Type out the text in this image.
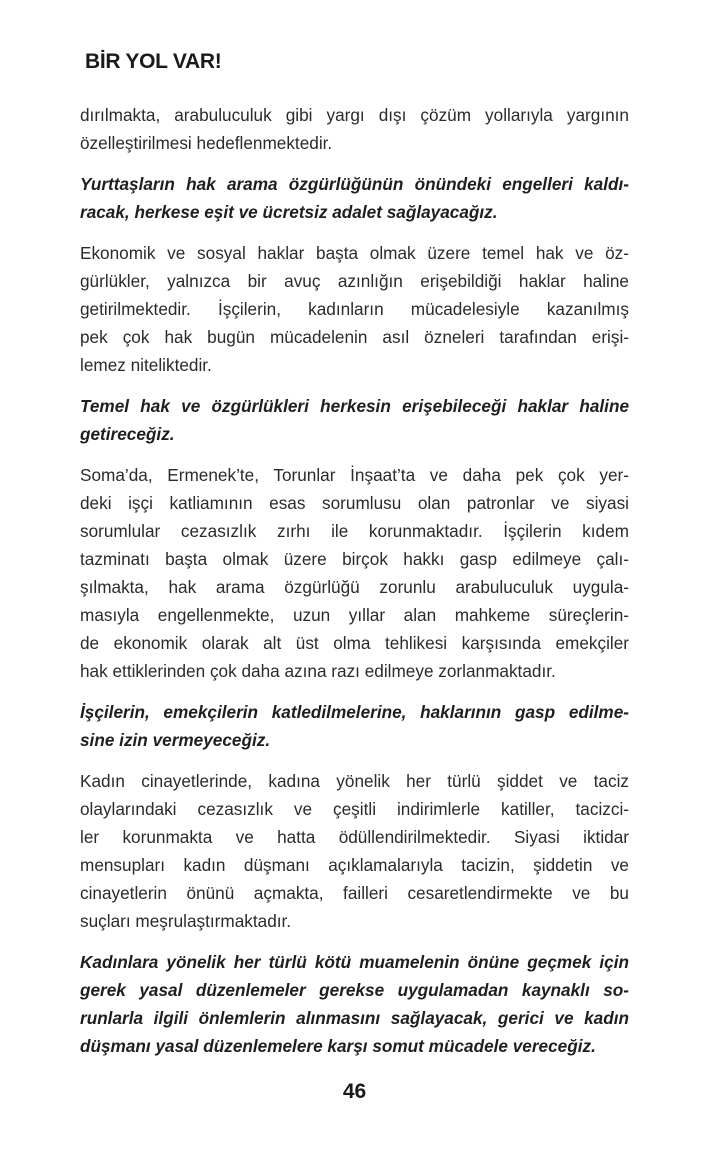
BİR YOL VAR!
dırılmakta, arabuluculuk gibi yargı dışı çözüm yollarıyla yargının
özelleştirilmesi hedeflenmektedir.
Yurttaşların hak arama özgürlüğünün önündeki engelleri kaldı-
racak, herkese eşit ve ücretsiz adalet sağlayacağız.
Ekonomik ve sosyal haklar başta olmak üzere temel hak ve öz-
gürlükler, yalnızca bir avuç azınlığın erişebildiği haklar haline
getirilmektedir. İşçilerin, kadınların mücadelesiyle kazanılmış
pek çok hak bugün mücadelenin asıl özneleri tarafından erişi-
lemez niteliktedir.
Temel hak ve özgürlükleri herkesin erişebileceği haklar haline
getireceğiz.
Soma’da, Ermenek’te, Torunlar İnşaat’ta ve daha pek çok yer-
deki işçi katliamının esas sorumlusu olan patronlar ve siyasi
sorumlular cezasızlık zırhı ile korunmaktadır. İşçilerin kıdem
tazminatı başta olmak üzere birçok hakkı gasp edilmeye çalı-
şılmakta, hak arama özgürlüğü zorunlu arabuluculuk uygula-
masıyla engellenmekte, uzun yıllar alan mahkeme süreçlerin-
de ekonomik olarak alt üst olma tehlikesi karşısında emekçiler
hak ettiklerinden çok daha azına razı edilmeye zorlanmaktadır.
İşçilerin, emekçilerin katledilmelerine, haklarının gasp edilme-
sine izin vermeyeceğiz.
Kadın cinayetlerinde, kadına yönelik her türlü şiddet ve taciz
olaylarındaki cezasızlık ve çeşitli indirimlerle katiller, tacizci-
ler korunmakta ve hatta ödüllendirilmektedir. Siyasi iktidar
mensupları kadın düşmanı açıklamalarıyla tacizin, şiddetin ve
cinayetlerin önünü açmakta, failleri cesaretlendirmekte ve bu
suçları meşrulaştırmaktadır.
Kadınlara yönelik her türlü kötü muamelenin önüne geçmek için
gerek yasal düzenlemeler gerekse uygulamadan kaynaklı so-
runlarla ilgili önlemlerin alınmasını sağlayacak, gerici ve kadın
düşmanı yasal düzenlemelere karşı somut mücadele vereceğiz.
46
